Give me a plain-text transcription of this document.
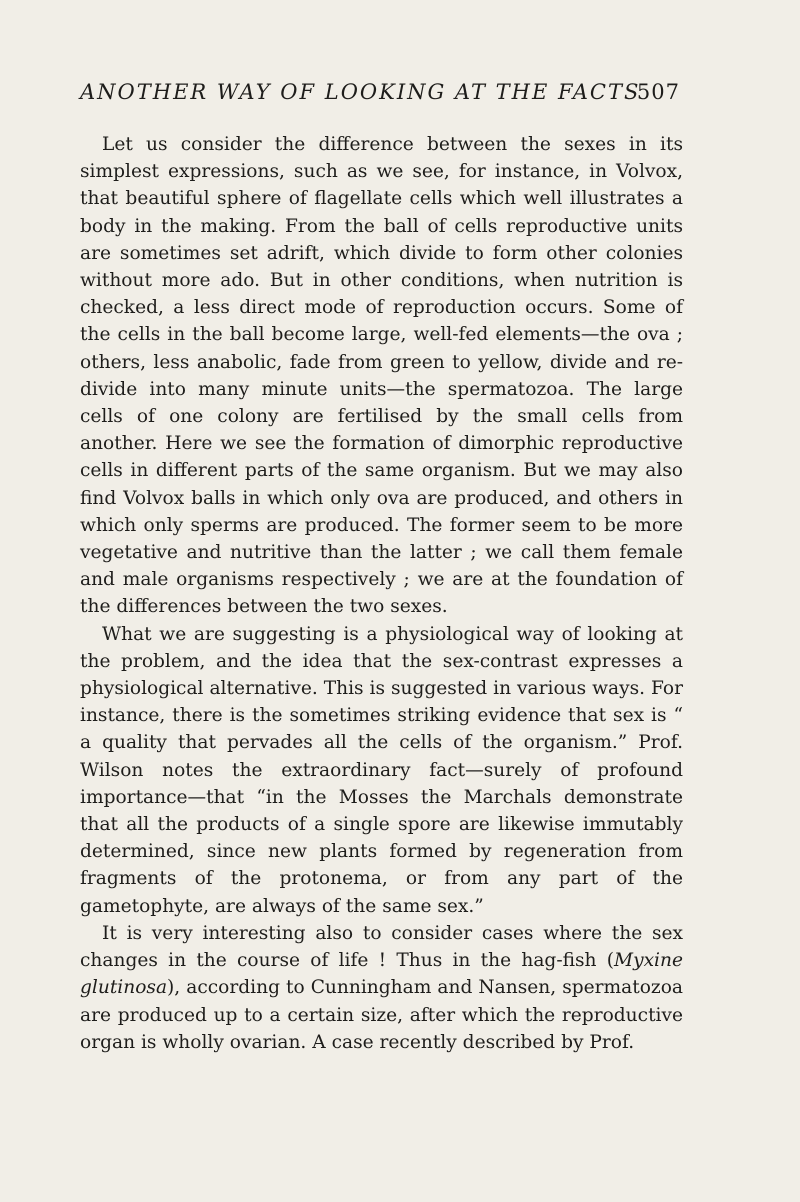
ANOTHER WAY OF LOOKING AT THE FACTS
507

Let us consider the difference between the sexes in its simplest expressions, such as we see, for instance, in Volvox, that beautiful sphere of flagellate cells which well illustrates a body in the making. From the ball of cells reproductive units are sometimes set adrift, which divide to form other colonies without more ado. But in other conditions, when nutrition is checked, a less direct mode of reproduction occurs. Some of the cells in the ball become large, well-fed elements—the ova ; others, less anabolic, fade from green to yellow, divide and re-divide into many minute units—the spermatozoa. The large cells of one colony are fertilised by the small cells from another. Here we see the formation of dimorphic reproductive cells in different parts of the same organism. But we may also find Volvox balls in which only ova are produced, and others in which only sperms are produced. The former seem to be more vegetative and nutritive than the latter ; we call them female and male organisms respectively ; we are at the foundation of the differences between the two sexes.

What we are suggesting is a physiological way of looking at the problem, and the idea that the sex-contrast expresses a physiological alternative. This is suggested in various ways. For instance, there is the sometimes striking evidence that sex is “ a quality that pervades all the cells of the organism.” Prof. Wilson notes the extraordinary fact—surely of profound importance—that “in the Mosses the Marchals demonstrate that all the products of a single spore are likewise immutably determined, since new plants formed by regeneration from fragments of the protonema, or from any part of the gametophyte, are always of the same sex.”

It is very interesting also to consider cases where the sex changes in the course of life ! Thus in the hag-fish (Myxine glutinosa), according to Cunningham and Nansen, spermatozoa are produced up to a certain size, after which the reproductive organ is wholly ovarian. A case recently described by Prof.
